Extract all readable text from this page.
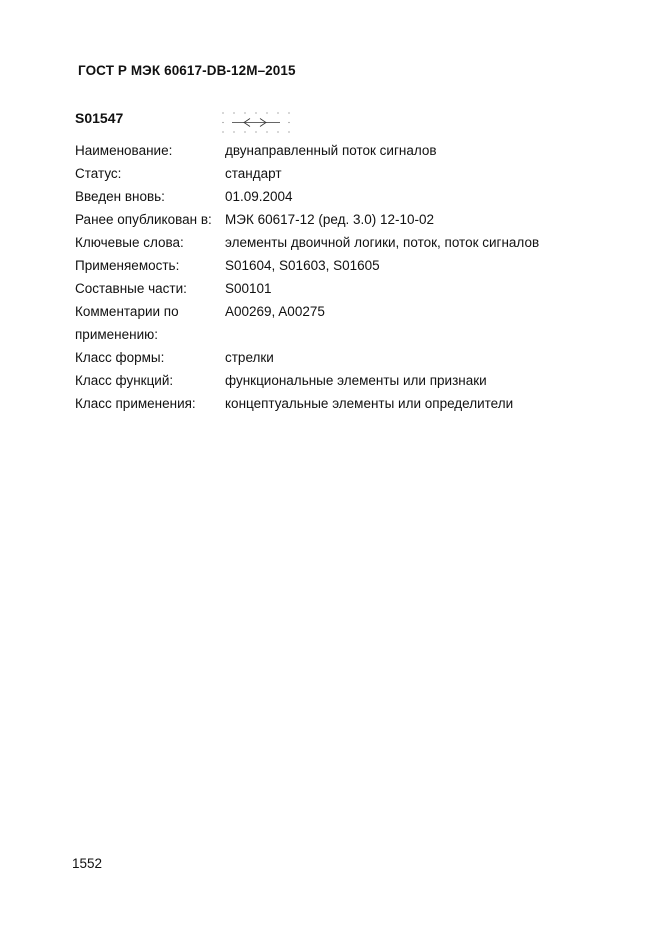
ГОСТ Р МЭК 60617-DB-12M–2015
S01547
Наименование:	двунаправленный поток сигналов
Статус:	стандарт
Введен вновь:	01.09.2004
Ранее опубликован в: МЭК 60617-12 (ред. 3.0) 12-10-02
Ключевые слова:	элементы двоичной логики, поток, поток сигналов
Применяемость:	S01604, S01603, S01605
Составные части:	S00101
Комментарии по применению:
A00269, A00275
Класс формы:	стрелки
Класс функций:	функциональные элементы или признаки
Класс применения:	концептуальные элементы или определители
1552
